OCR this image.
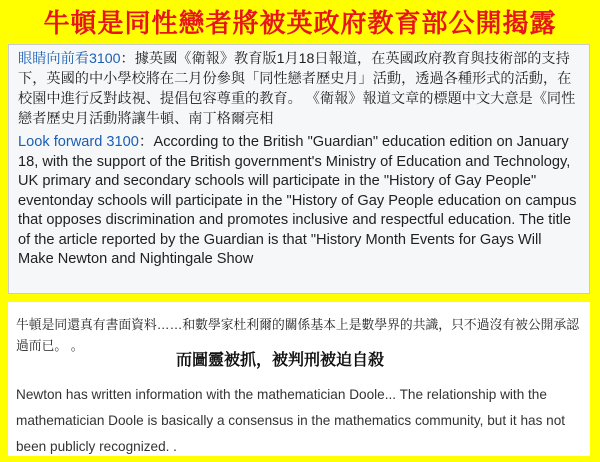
牛頓是同性戀者將被英政府教育部公開揭露
眼睛向前看3100：據英國《衛報》教育版1月18日報道，在英國政府教育與技術部的支持下，英國的中小學校將在二月份參與「同性戀者歷史月」活動，透過各種形式的活動，在校園中進行反對歧視、提倡包容尊重的教育。 《衛報》報道文章的標題中文大意是《同性戀者歷史月活動將讓牛頓、南丁格爾亮相
Look forward 3100：According to the British "Guardian" education edition on January 18, with the support of the British government's Ministry of Education and Technology, UK primary and secondary schools will participate in the "History of Gay People" eventonday schools will participate in the "History of Gay People education on campus that opposes discrimination and promotes inclusive and respectful education. The title of the article reported by the Guardian is that "History Month Events for Gays Will Make Newton and Nightingale Show
牛頓是同還真有書面資料……和數學家杜利爾的關係基本上是數學界的共識，只不過沒有被公開承認過而已。 。
而圖靈被抓，被判刑被迫自殺
Newton has written information with the mathematician Doole... The relationship with the mathematician Doole is basically a consensus in the mathematics community, but it has not been publicly recognized. .
